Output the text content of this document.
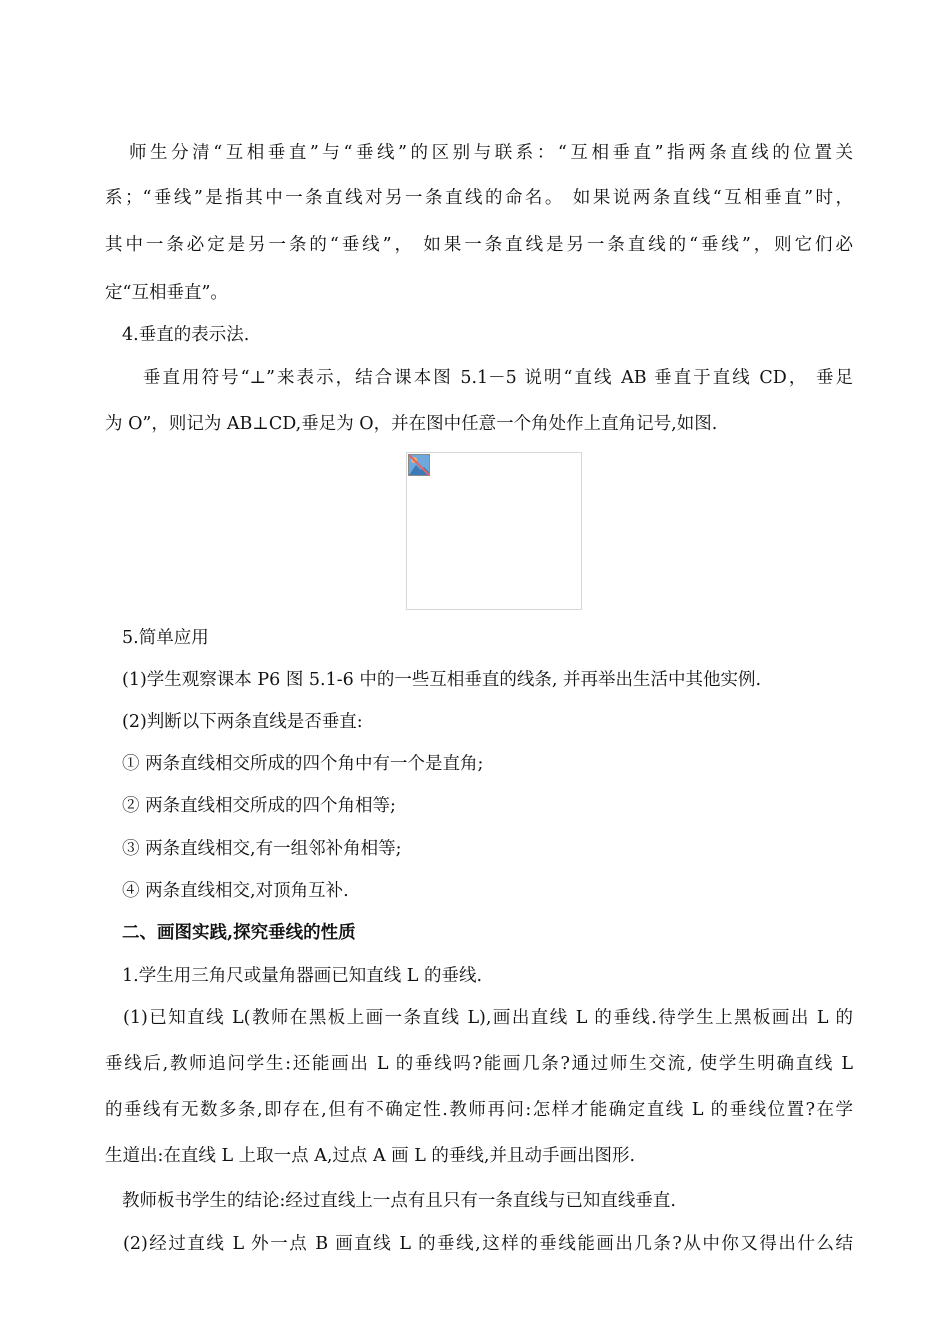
师生分清“互相垂直”与“垂线”的区别与联系：“互相垂直”指两条直线的位置关
系；“垂线”是指其中一条直线对另一条直线的命名。 如果说两条直线“互相垂直”时，
其中一条必定是另一条的“垂线”， 如果一条直线是另一条直线的“垂线”，则它们必
定“互相垂直”。
4.垂直的表示法.
垂直用符号“⊥”来表示，结合课本图 5.1－5 说明“直线 AB 垂直于直线 CD， 垂足
为 O”，则记为 AB⊥CD,垂足为 O，并在图中任意一个角处作上直角记号,如图.
5.简单应用
(1)学生观察课本 P6 图 5.1-6 中的一些互相垂直的线条, 并再举出生活中其他实例.
(2)判断以下两条直线是否垂直:
① 两条直线相交所成的四个角中有一个是直角;
② 两条直线相交所成的四个角相等;
③ 两条直线相交,有一组邻补角相等;
④ 两条直线相交,对顶角互补.
二、画图实践,探究垂线的性质
1.学生用三角尺或量角器画已知直线 L 的垂线.
(1)已知直线 L(教师在黑板上画一条直线 L),画出直线 L 的垂线.待学生上黑板画出 L 的
垂线后,教师追问学生:还能画出 L 的垂线吗?能画几条?通过师生交流, 使学生明确直线 L
的垂线有无数多条,即存在,但有不确定性.教师再问:怎样才能确定直线 L 的垂线位置?在学
生道出:在直线 L 上取一点 A,过点 A 画 L 的垂线,并且动手画出图形.
教师板书学生的结论:经过直线上一点有且只有一条直线与已知直线垂直.
(2)经过直线 L 外一点 B 画直线 L 的垂线,这样的垂线能画出几条?从中你又得出什么结
